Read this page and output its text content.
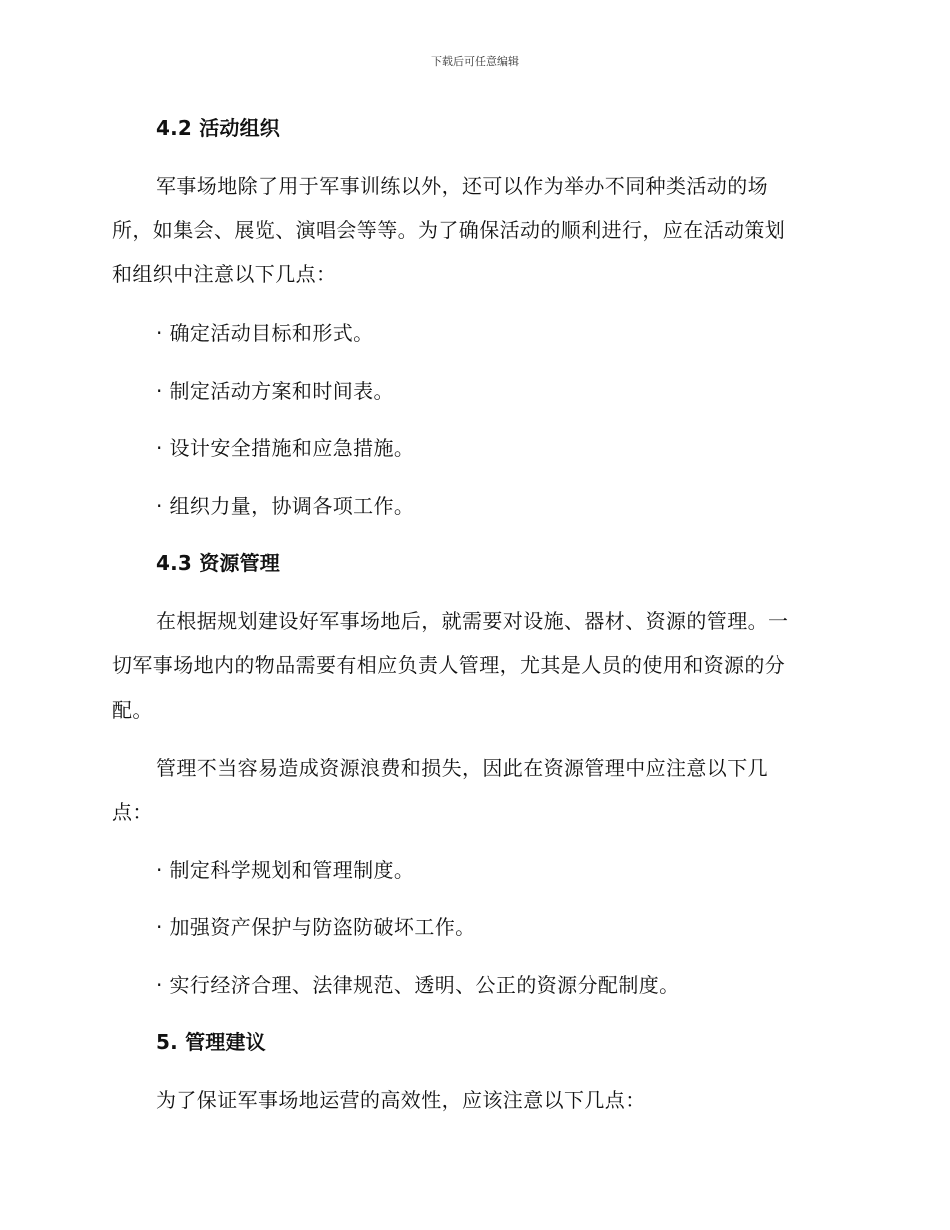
下载后可任意编辑
4.2 活动组织
军事场地除了用于军事训练以外，还可以作为举办不同种类活动的场
所，如集会、展览、演唱会等等。为了确保活动的顺利进行，应在活动策划
和组织中注意以下几点：
· 确定活动目标和形式。
· 制定活动方案和时间表。
· 设计安全措施和应急措施。
· 组织力量，协调各项工作。
4.3 资源管理
在根据规划建设好军事场地后，就需要对设施、器材、资源的管理。一
切军事场地内的物品需要有相应负责人管理，尤其是人员的使用和资源的分
配。
管理不当容易造成资源浪费和损失，因此在资源管理中应注意以下几
点：
· 制定科学规划和管理制度。
· 加强资产保护与防盗防破坏工作。
· 实行经济合理、法律规范、透明、公正的资源分配制度。
5. 管理建议
为了保证军事场地运营的高效性，应该注意以下几点：
